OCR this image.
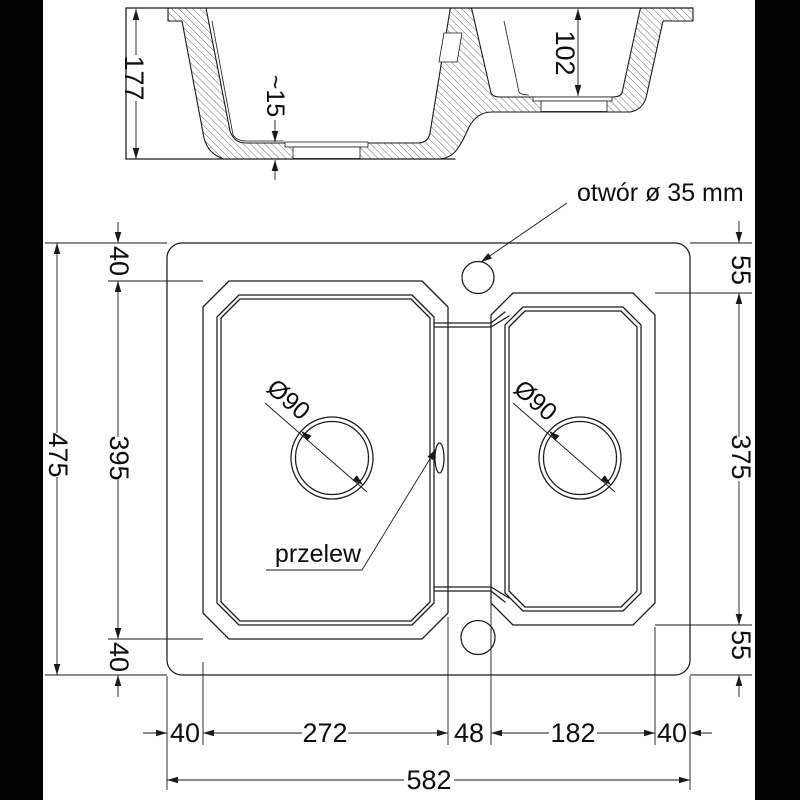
177	~15
102
otwór ø 35 mm
przelew
Ø90	Ø90
475
40
395
40
55
375
55
40	272	48 182 40
582
